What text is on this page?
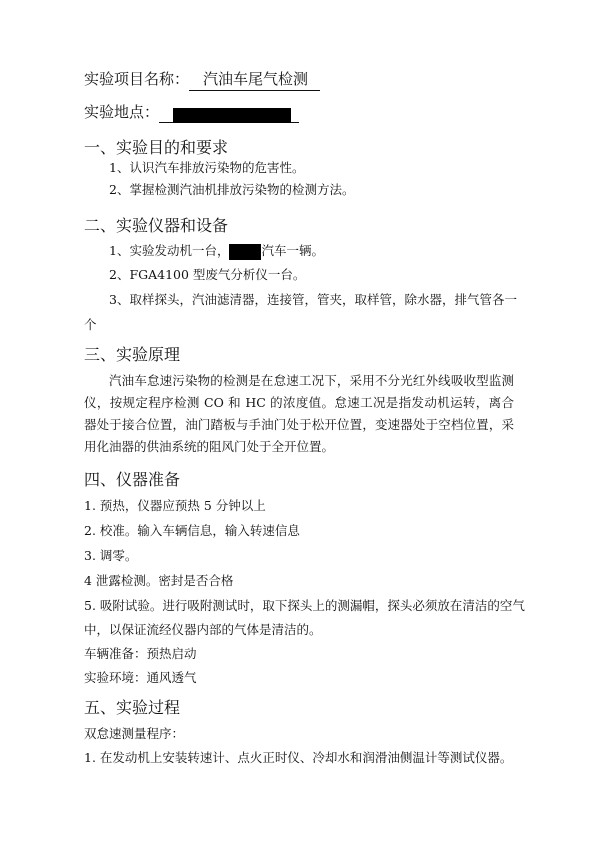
实验项目名称： 汽油车尾气检测
实验地点：
一、实验目的和要求
1、认识汽车排放污染物的危害性。
2、掌握检测汽油机排放污染物的检测方法。
二、实验仪器和设备
1、实验发动机一台，	汽车一辆。
2、FGA4100 型废气分析仪一台。
3、取样探头，汽油滤清器，连接管，管夹，取样管，除水器，排气管各一
个
三、实验原理
汽油车怠速污染物的检测是在怠速工况下，采用不分光红外线吸收型监测仪，按规定程序检测 CO 和 HC 的浓度值。怠速工况是指发动机运转，离合器处于接合位置，油门踏板与手油门处于松开位置，变速器处于空档位置，采用化油器的供油系统的阻风门处于全开位置。
四、仪器准备
1. 预热，仪器应预热 5 分钟以上
2. 校准。输入车辆信息，输入转速信息
3. 调零。
4 泄露检测。密封是否合格
5. 吸附试验。进行吸附测试时，取下探头上的测漏帽，探头必须放在清洁的空气
中，以保证流经仪器内部的气体是清洁的。
车辆准备：预热启动
实验环境：通风透气
五、实验过程
双怠速测量程序：
1. 在发动机上安装转速计、点火正时仪、冷却水和润滑油侧温计等测试仪器。
